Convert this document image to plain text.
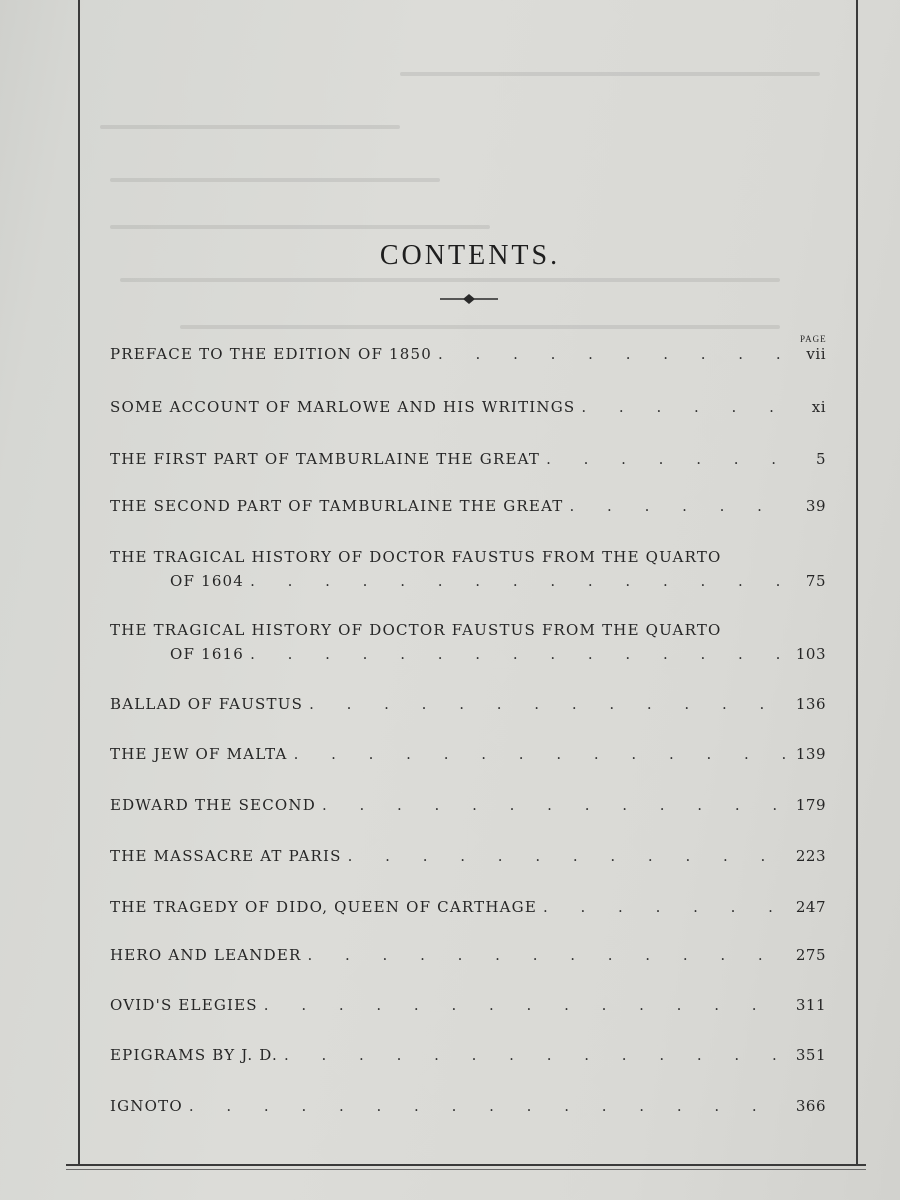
CONTENTS.
PAGE
PREFACE TO THE EDITION OF 1850 . . .	vii
SOME ACCOUNT OF MARLOWE AND HIS WRITINGS . . .	xi
THE FIRST PART OF TAMBURLAINE THE GREAT . . .	5
THE SECOND PART OF TAMBURLAINE THE GREAT . . .	39
THE TRAGICAL HISTORY OF DOCTOR FAUSTUS FROM THE QUARTO
OF 1604 . . .	75
THE TRAGICAL HISTORY OF DOCTOR FAUSTUS FROM THE QUARTO
OF 1616 . . .	103
BALLAD OF FAUSTUS . . .	136
THE JEW OF MALTA . . .	139
EDWARD THE SECOND . . .	179
THE MASSACRE AT PARIS . . .	223
THE TRAGEDY OF DIDO, QUEEN OF CARTHAGE . . .	247
HERO AND LEANDER . . .	275
OVID'S ELEGIES . . .	311
EPIGRAMS BY J. D. . . .	351
IGNOTO . . .	366
